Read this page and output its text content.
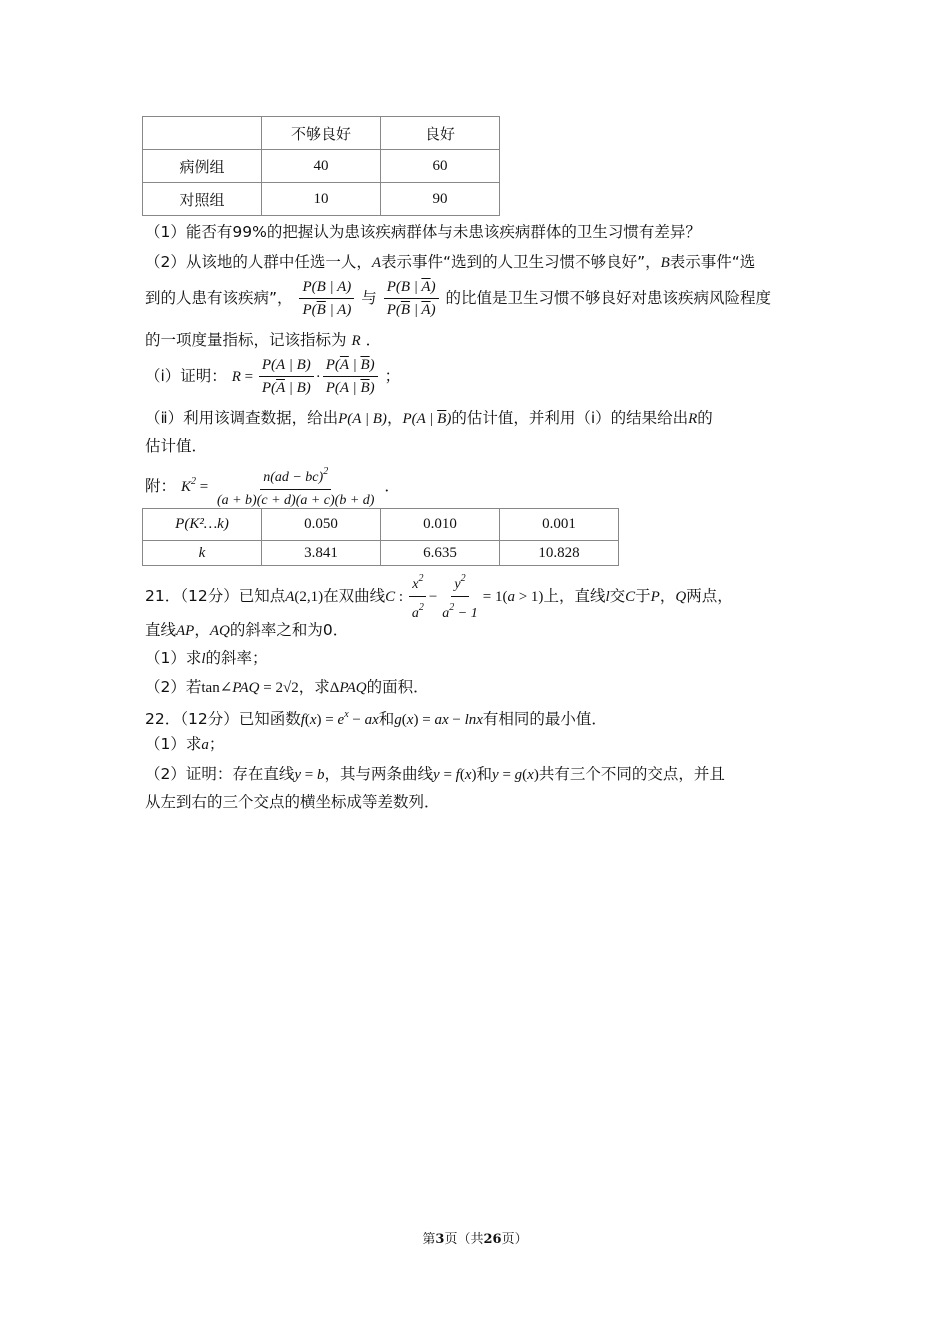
	不够良好	良好
病例组	40	60
对照组	10	90
（1）能否有99%的把握认为患该疾病群体与未患该疾病群体的卫生习惯有差异？
（2）从该地的人群中任选一人，A表示事件“选到的人卫生习惯不够良好”，B表示事件“选
到的人患有该疾病”， $\frac{P(B | A)}{P(\overline{B} | A)}$ 与 $\frac{P(B | \overline{A})}{P(\overline{B} | \overline{A})}$ 的比值是卫生习惯不够良好对患该疾病风险程度
的一项度量指标，记该指标为 R ．
（ⅰ）证明： $R = \frac{P(A | B)}{P(\overline{A} | B)} \cdot \frac{P(\overline{A} | \overline{B})}{P(A | \overline{B})}$ ；
（ⅱ）利用该调查数据，给出P(A | B)，P(A | $\overline{B}$)的估计值，并利用（ⅰ）的结果给出R的
估计值．
附： $K^2 = \frac{n(ad - bc)^2}{(a + b)(c + d)(a + c)(b + d)}$ ．
P(K²…k)	0.050	0.010	0.001
k	3.841	6.635	10.828
21．（12分）已知点A(2,1)在双曲线C : $\frac{x^2}{a^2} - \frac{y^2}{a^2 - 1} = 1(a > 1)$上，直线l交C于P，Q两点，
直线AP，AQ的斜率之和为0．
（1）求l的斜率；
（2）若tan∠PAQ = 2√2，求ΔPAQ的面积．
22．（12分）已知函数$f(x) = e^x$ − ax和g(x) = ax − lnx有相同的最小值．
（1）求a；
（2）证明：存在直线y = b，其与两条曲线y = f(x)和y = g(x)共有三个不同的交点，并且
从左到右的三个交点的横坐标成等差数列．
第3页（共26页）
